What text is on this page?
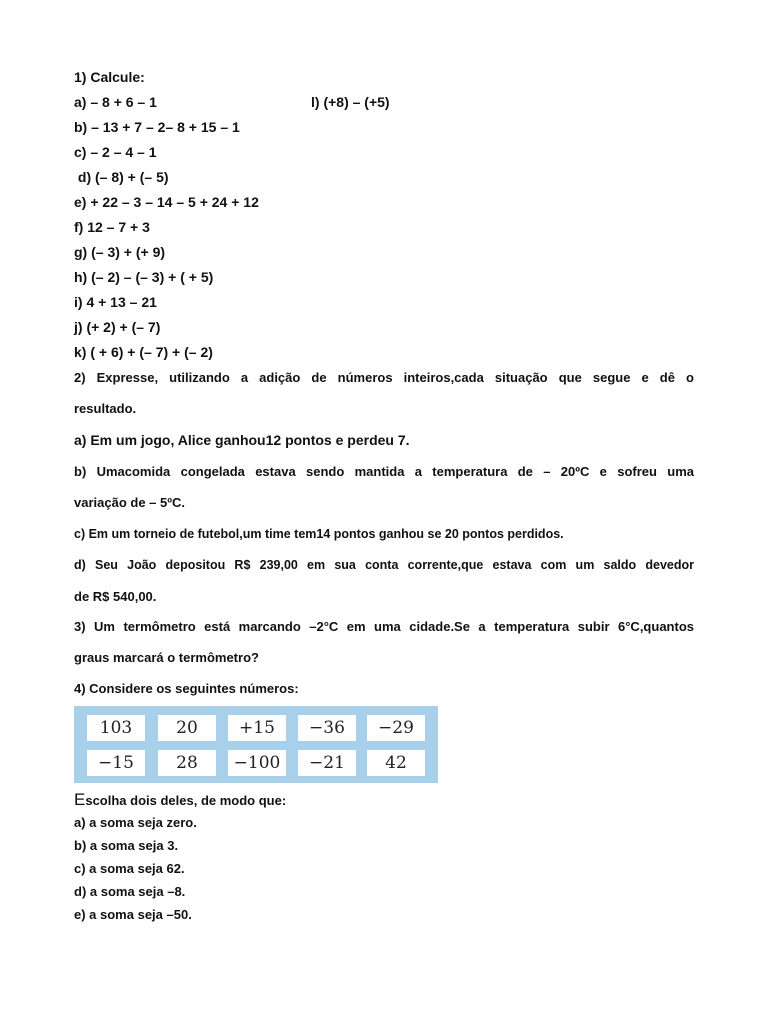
1) Calcule:

a) – 8 + 6 – 1	l) (+8) – (+5)

b) – 13 + 7 – 2– 8 + 15 – 1

c) – 2 – 4 – 1

d) (– 8) + (– 5)

e) + 22 – 3 – 14 – 5 + 24 + 12

f) 12 – 7 + 3

g) (– 3) + (+ 9)

h) (– 2) – (– 3) + ( + 5)

i) 4 + 13 – 21

j) (+ 2) + (– 7)

k) ( + 6) + (– 7) + (– 2)

2) Expresse, utilizando a adição de números inteiros,cada situação que segue e dê o

resultado.

a) Em um jogo, Alice ganhou12 pontos e perdeu 7.

b) Umacomida congelada estava sendo mantida a temperatura de – 20ºC e sofreu uma

variação de – 5ºC.

c) Em um torneio de futebol,um time tem14 pontos ganhou se 20 pontos perdidos.

d) Seu João depositou R$ 239,00 em sua conta corrente,que estava com um saldo devedor

de R$ 540,00.

3) Um termômetro está marcando –2°C em uma cidade.Se a temperatura subir 6°C,quantos

graus marcará o termômetro?

4) Considere os seguintes números:

103	20	+15	−36	−29
−15	28	−100	−21	42

Escolha dois deles, de modo que:

a) a soma seja zero.

b) a soma seja 3.

c) a soma seja 62.

d) a soma seja –8.

e) a soma seja –50.
